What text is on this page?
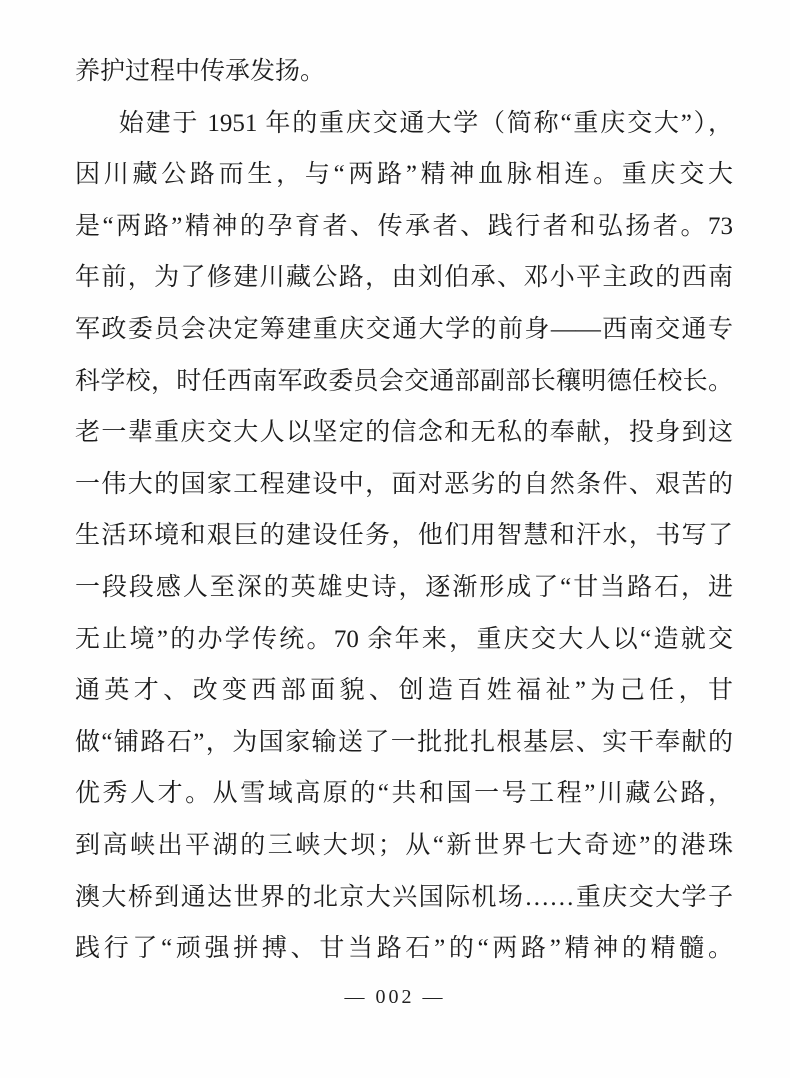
养护过程中传承发扬。

始建于 1951 年的重庆交通大学（简称“重庆交大”），

因川藏公路而生，与“两路”精神血脉相连。重庆交大

是“两路”精神的孕育者、传承者、践行者和弘扬者。73

年前，为了修建川藏公路，由刘伯承、邓小平主政的西南

军政委员会决定筹建重庆交通大学的前身——西南交通专

科学校，时任西南军政委员会交通部副部长穰明德任校长。

老一辈重庆交大人以坚定的信念和无私的奉献，投身到这

一伟大的国家工程建设中，面对恶劣的自然条件、艰苦的

生活环境和艰巨的建设任务，他们用智慧和汗水，书写了

一段段感人至深的英雄史诗，逐渐形成了“甘当路石，进

无止境”的办学传统。70 余年来，重庆交大人以“造就交

通英才、改变西部面貌、创造百姓福祉”为己任，甘

做“铺路石”，为国家输送了一批批扎根基层、实干奉献的

优秀人才。从雪域高原的“共和国一号工程”川藏公路，

到高峡出平湖的三峡大坝；从“新世界七大奇迹”的港珠

澳大桥到通达世界的北京大兴国际机场……重庆交大学子

践行了“顽强拼搏、甘当路石”的“两路”精神的精髓。

— 002 —
